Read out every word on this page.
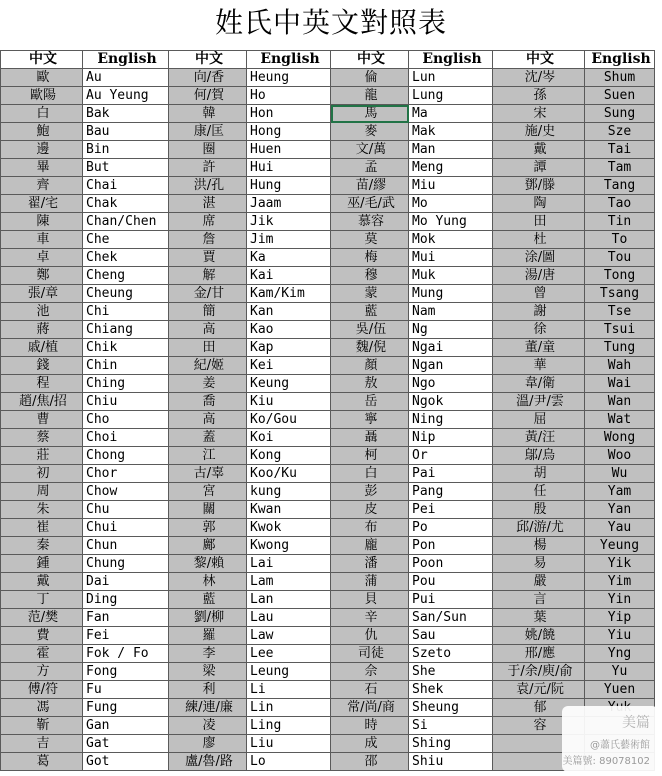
姓氏中英文對照表
中文	English	中文	English	中文	English	中文	English
歐	Au	向/香	Heung	倫	Lun	沈/岑	Shum
歐陽	Au Yeung	何/賀	Ho	龍	Lung	孫	Suen
白	Bak	韓	Hon	馬	Ma	宋	Sung
鮑	Bau	康/匡	Hong	麥	Mak	施/史	Sze
邊	Bin	圈	Huen	文/萬	Man	戴	Tai
畢	But	許	Hui	孟	Meng	譚	Tam
齊	Chai	洪/孔	Hung	苗/繆	Miu	鄧/滕	Tang
翟/宅	Chak	湛	Jaam	巫/毛/武	Mo	陶	Tao
陳	Chan/Chen	席	Jik	慕容	Mo Yung	田	Tin
車	Che	詹	Jim	莫	Mok	杜	To
卓	Chek	賈	Ka	梅	Mui	涂/圖	Tou
鄭	Cheng	解	Kai	穆	Muk	湯/唐	Tong
張/章	Cheung	金/甘	Kam/Kim	蒙	Mung	曾	Tsang
池	Chi	簡	Kan	藍	Nam	謝	Tse
蔣	Chiang	高	Kao	吳/伍	Ng	徐	Tsui
戚/植	Chik	田	Kap	魏/倪	Ngai	董/童	Tung
錢	Chin	紀/姬	Kei	顏	Ngan	華	Wah
程	Ching	姜	Keung	敖	Ngo	韋/衛	Wai
趙/焦/招	Chiu	喬	Kiu	岳	Ngok	溫/尹/雲	Wan
曹	Cho	高	Ko/Gou	寧	Ning	屈	Wat
蔡	Choi	蓋	Koi	聶	Nip	黃/汪	Wong
莊	Chong	江	Kong	柯	Or	鄔/烏	Woo
初	Chor	古/辜	Koo/Ku	白	Pai	胡	Wu
周	Chow	宮	kung	彭	Pang	任	Yam
朱	Chu	關	Kwan	皮	Pei	殷	Yan
崔	Chui	郭	Kwok	布	Po	邱/游/尤	Yau
秦	Chun	鄺	Kwong	龐	Pon	楊	Yeung
鍾	Chung	黎/賴	Lai	潘	Poon	易	Yik
戴	Dai	林	Lam	蒲	Pou	嚴	Yim
丁	Ding	藍	Lan	貝	Pui	言	Yin
范/樊	Fan	劉/柳	Lau	辛	San/Sun	葉	Yip
費	Fei	羅	Law	仇	Sau	姚/饒	Yiu
霍	Fok / Fo	李	Lee	司徒	Szeto	邢/應	Yng
方	Fong	梁	Leung	佘	She	于/余/庾/俞	Yu
傅/符	Fu	利	Li	石	Shek	袁/元/阮	Yuen
馮	Fung	練/連/廉	Lin	常/尚/商	Sheung	郁	
靳	Gan	凌	Ling	時	Si	容	
吉	Gat	廖	Liu	成	Shing		
葛	Got	盧/魯/路	Lo	邵	Shiu		
美篇
@蕭氏藝術館
美篇號: 89078102
